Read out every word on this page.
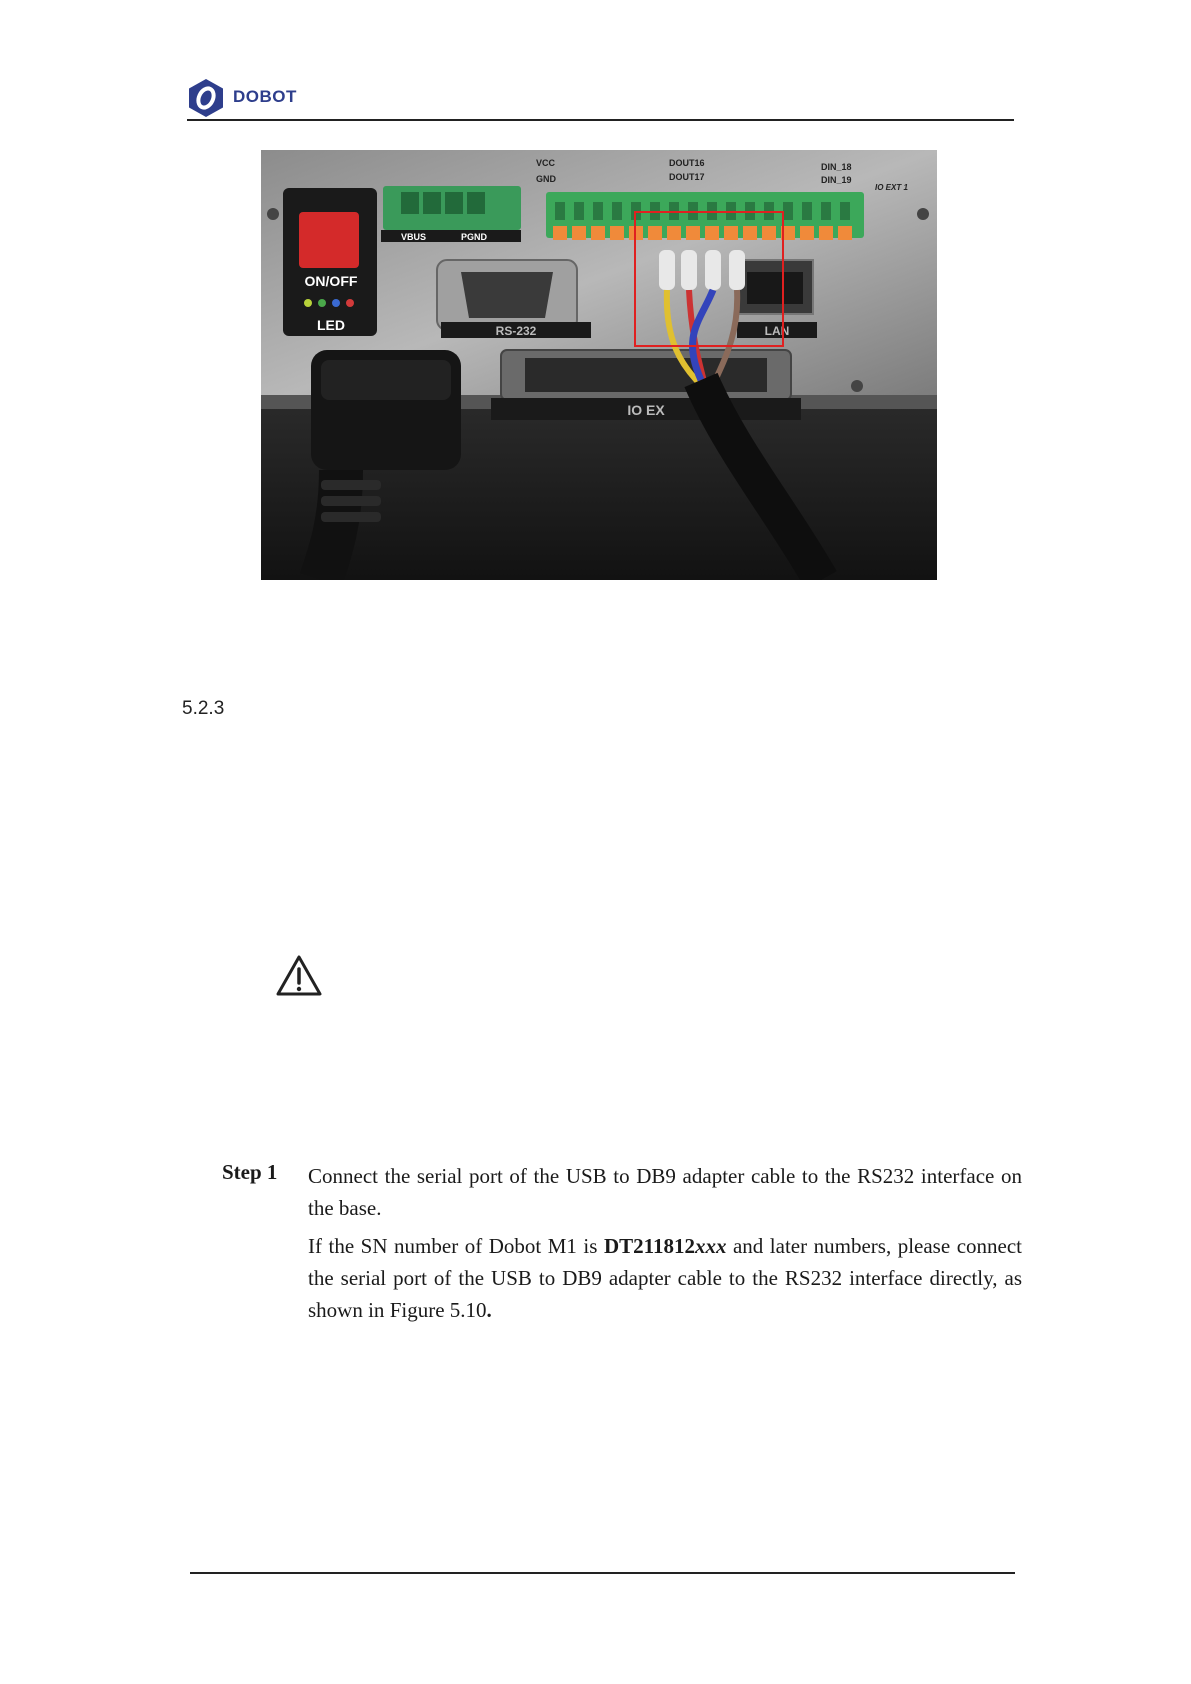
DOBOT
ON/OFF
LED
VBUS	PGND
VCC
GND
DOUT16
DOUT17
DIN_18
DIN_19
IO EXT 1
RS-232	LAN
IO EX
5.2.3
Step 1 Connect the serial port of the USB to DB9 adapter cable to the RS232 interface on the base.

If the SN number of Dobot M1 is DT211812xxx and later numbers, please connect the serial port of the USB to DB9 adapter cable to the RS232 interface directly, as shown in Figure 5.10.
